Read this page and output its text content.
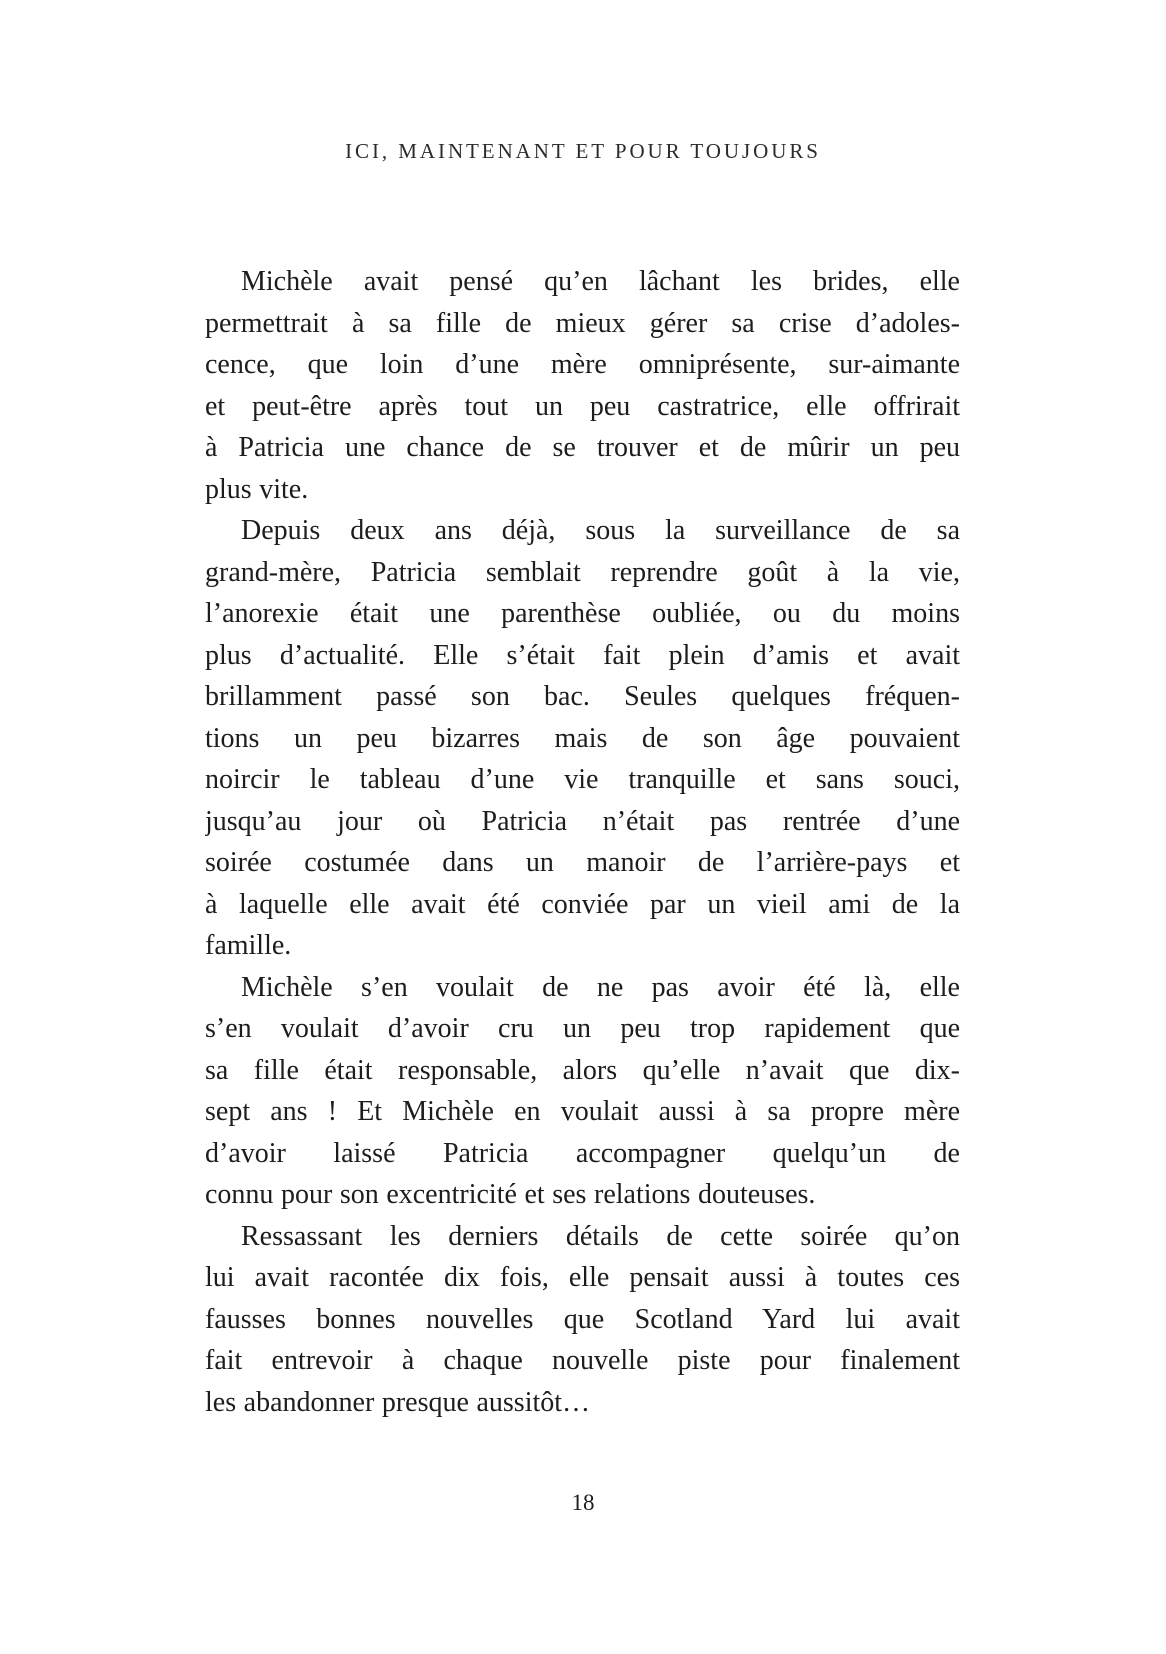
ICI, MAINTENANT ET POUR TOUJOURS
Michèle avait pensé qu’en lâchant les brides, elle
permettrait à sa fille de mieux gérer sa crise d’adoles-
cence, que loin d’une mère omniprésente, sur-aimante
et peut-être après tout un peu castratrice, elle offrirait
à Patricia une chance de se trouver et de mûrir un peu
plus vite.
Depuis deux ans déjà, sous la surveillance de sa
grand-mère, Patricia semblait reprendre goût à la vie,
l’anorexie était une parenthèse oubliée, ou du moins
plus d’actualité. Elle s’était fait plein d’amis et avait
brillamment passé son bac. Seules quelques fréquen-
tions un peu bizarres mais de son âge pouvaient
noircir le tableau d’une vie tranquille et sans souci,
jusqu’au jour où Patricia n’était pas rentrée d’une
soirée costumée dans un manoir de l’arrière-pays et
à laquelle elle avait été conviée par un vieil ami de la
famille.
Michèle s’en voulait de ne pas avoir été là, elle
s’en voulait d’avoir cru un peu trop rapidement que
sa fille était responsable, alors qu’elle n’avait que dix-
sept ans ! Et Michèle en voulait aussi à sa propre mère
d’avoir laissé Patricia accompagner quelqu’un de
connu pour son excentricité et ses relations douteuses.
Ressassant les derniers détails de cette soirée qu’on
lui avait racontée dix fois, elle pensait aussi à toutes ces
fausses bonnes nouvelles que Scotland Yard lui avait
fait entrevoir à chaque nouvelle piste pour finalement
les abandonner presque aussitôt…
18
